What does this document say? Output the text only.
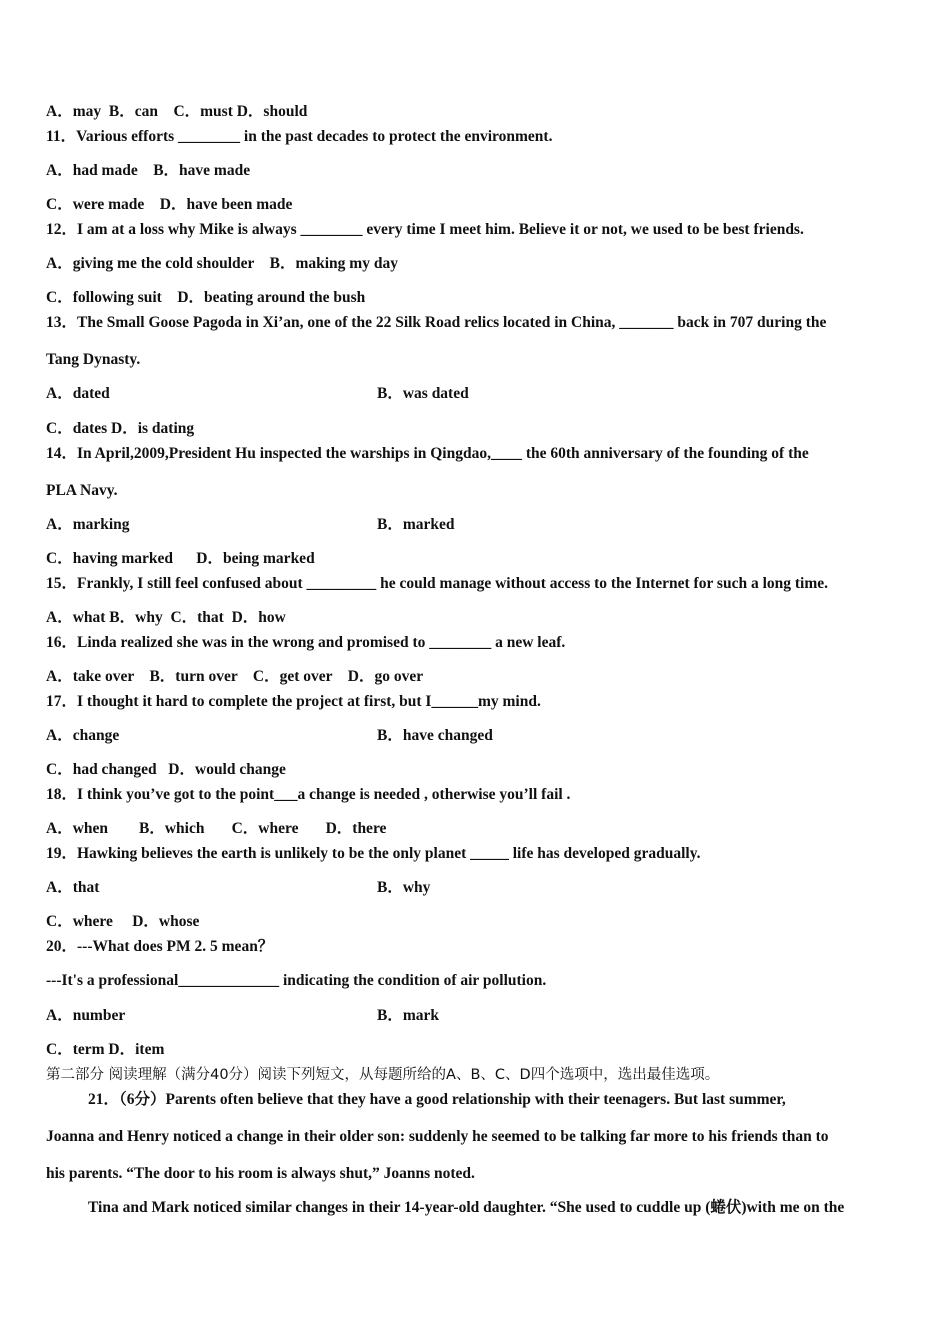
A．may  B．can    C．must D．should
11．Various efforts ________ in the past decades to protect the environment.
A．had made    B．have made
C．were made    D．have been made
12．I am at a loss why Mike is always ________ every time I meet him. Believe it or not, we used to be best friends.
A．giving me the cold shoulder    B．making my day
C．following suit    D．beating around the bush
13．The Small Goose Pagoda in Xi’an, one of the 22 Silk Road relics located in China, _______ back in 707 during the
Tang Dynasty.
A．dated	B．was dated
C．dates D．is dating
14．In April,2009,President Hu inspected the warships in Qingdao,____ the 60th anniversary of the founding of the
PLA Navy.
A．marking	B．marked
C．having marked      D．being marked
15．Frankly, I still feel confused about _________ he could manage without access to the Internet for such a long time.
A．what B．why  C．that  D．how
16．Linda realized she was in the wrong and promised to ________ a new leaf.
A．take over    B．turn over    C．get over    D．go over
17．I thought it hard to complete the project at first, but I______my mind.
A．change	B．have changed
C．had changed   D．would change
18．I think you’ve got to the point___a change is needed , otherwise you’ll fail .
A．when        B．which       C．where       D．there
19．Hawking believes the earth is unlikely to be the only planet _____ life has developed gradually.
A．that	B．why
C．where     D．whose
20．---What does PM 2. 5 mean？
---It's a professional_____________ indicating the condition of air pollution.
A．number	B．mark
C．term D．item
第二部分 阅读理解（满分40分）阅读下列短文，从每题所给的A、B、C、D四个选项中，选出最佳选项。
21．（6分）Parents often believe that they have a good relationship with their teenagers. But last summer,
Joanna and Henry noticed a change in their older son: suddenly he seemed to be talking far more to his friends than to
his parents. “The door to his room is always shut,” Joanns noted.
Tina and Mark noticed similar changes in their 14-year-old daughter. “She used to cuddle up (蜷伏)with me on the
